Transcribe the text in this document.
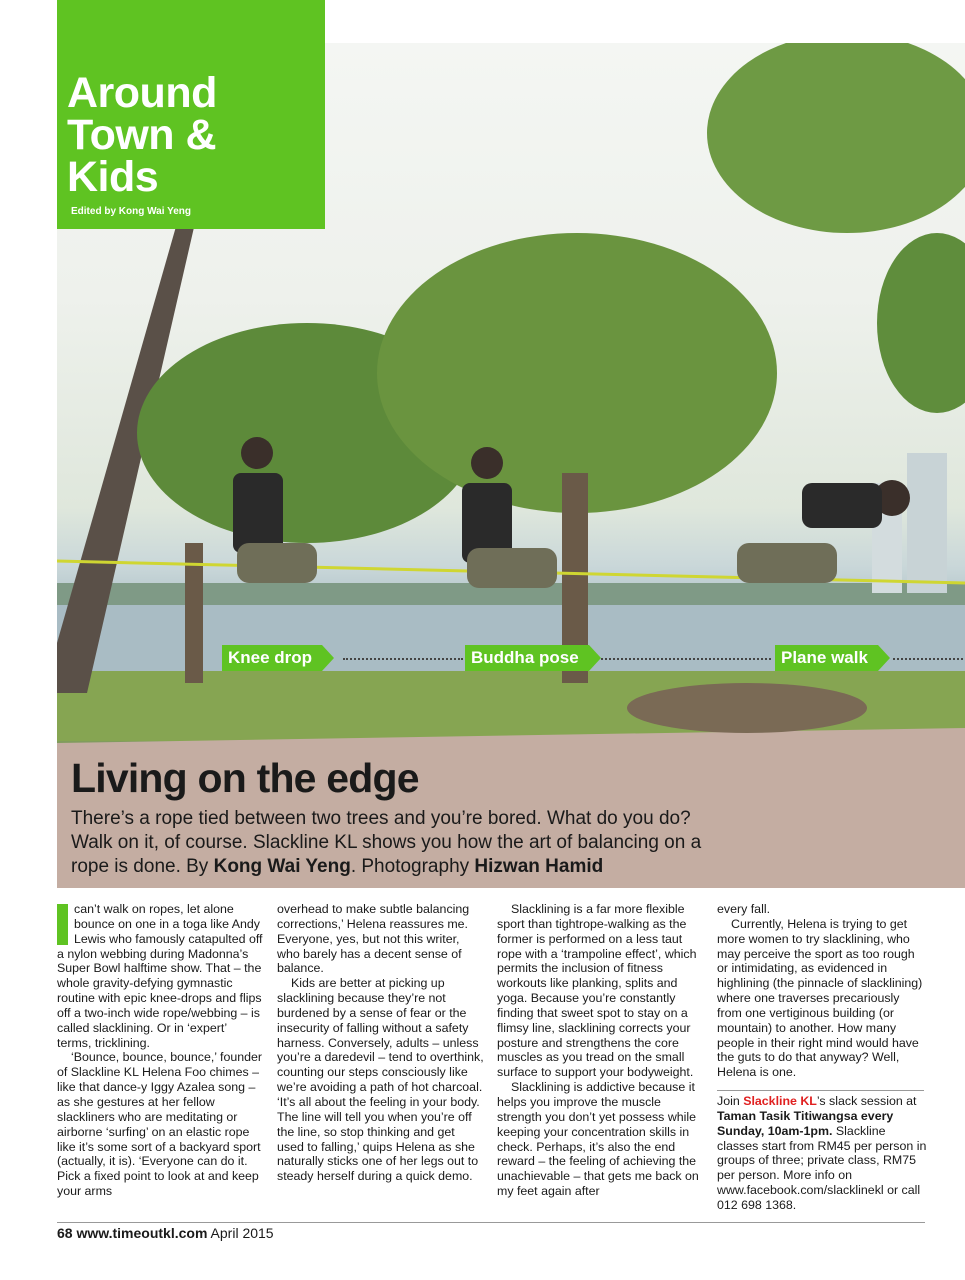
Around
Town &
Kids
Edited by Kong Wai Yeng
Knee drop	Buddha pose	Plane walk
Living on the edge
There’s a rope tied between two trees and you’re bored. What do you do? Walk on it, of course. Slackline KL shows you how the art of balancing on a rope is done. By Kong Wai Yeng. Photography Hizwan Hamid

can’t walk on ropes, let alone bounce on one in a toga like Andy Lewis who famously catapulted off a nylon webbing during Madonna’s Super Bowl halftime show. That – the whole gravity-defying gymnastic routine with epic knee-drops and flips off a two-inch wide rope/webbing – is called slacklining. Or in ‘expert’ terms, tricklining.

‘Bounce, bounce, bounce,’ founder of Slackline KL Helena Foo chimes – like that dance-y Iggy Azalea song – as she gestures at her fellow slackliners who are meditating or airborne ‘surfing’ on an elastic rope like it’s some sort of a backyard sport (actually, it is). ‘Everyone can do it. Pick a fixed point to look at and keep your arms

overhead to make subtle balancing corrections,’ Helena reassures me. Everyone, yes, but not this writer, who barely has a decent sense of balance.

Kids are better at picking up slacklining because they’re not burdened by a sense of fear or the insecurity of falling without a safety harness. Conversely, adults – unless you’re a daredevil – tend to overthink, counting our steps consciously like we’re avoiding a path of hot charcoal. ‘It’s all about the feeling in your body. The line will tell you when you’re off the line, so stop thinking and get used to falling,’ quips Helena as she naturally sticks one of her legs out to steady herself during a quick demo.

Slacklining is a far more flexible sport than tightrope-walking as the former is performed on a less taut rope with a ‘trampoline effect’, which permits the inclusion of fitness workouts like planking, splits and yoga. Because you’re constantly finding that sweet spot to stay on a flimsy line, slacklining corrects your posture and strengthens the core muscles as you tread on the small surface to support your bodyweight.

Slacklining is addictive because it helps you improve the muscle strength you don’t yet possess while keeping your concentration skills in check. Perhaps, it’s also the end reward – the feeling of achieving the unachievable – that gets me back on my feet again after

every fall.

Currently, Helena is trying to get more women to try slacklining, who may perceive the sport as too rough or intimidating, as evidenced in highlining (the pinnacle of slacklining) where one traverses precariously from one vertiginous building (or mountain) to another. How many people in their right mind would have the guts to do that anyway? Well, Helena is one.

Join Slackline KL’s slack session at Taman Tasik Titiwangsa every Sunday, 10am-1pm. Slackline classes start from RM45 per person in groups of three; private class, RM75 per person. More info on www.facebook.com/slacklinekl or call 012 698 1368.
68 www.timeoutkl.com April 2015
